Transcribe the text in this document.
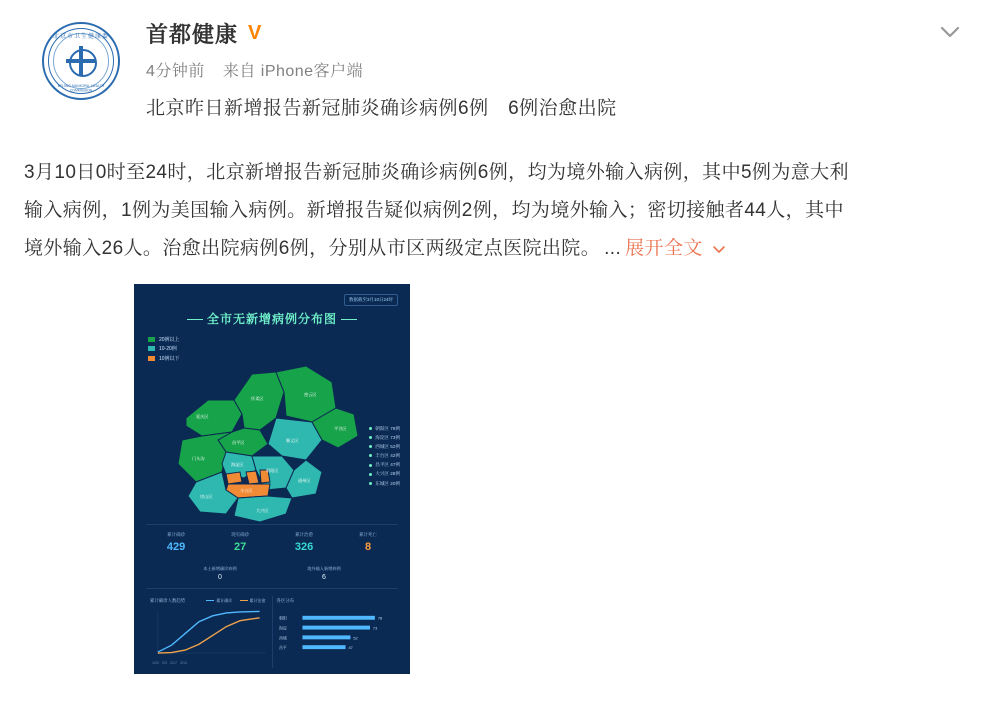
北京市卫生健康委
BEIJING MUNICIPAL HEALTH COMMISSION
首都健康 V
4分钟前 来自 iPhone客户端
北京昨日新增报告新冠肺炎确诊病例6例　6例治愈出院
3月10日0时至24时，北京新增报告新冠肺炎确诊病例6例，均为境外输入病例，其中5例为意大利输入病例，1例为美国输入病例。新增报告疑似病例2例，均为境外输入；密切接触者44人，其中境外输入26人。治愈出院病例6例，分别从市区两级定点医院出院。 ... 展开全文
数据截至3月10日24时
全市无新增病例分布图
20例以上
10-20例
10例以下
延庆区
怀柔区
密云区
昌平区	顺义区
平谷区
门头沟
海淀区
朝阳区
通州区
丰台区
房山区
大兴区
朝阳区 78例
海淀区 73例
西城区 52例
丰台区 42例
昌平区 47例
大兴区 28例
东城区 20例
累计确诊
429
现有确诊
27
累计治愈
326
累计死亡
8
本土新增确诊病例
0
境外输入新增病例
6
累计确诊人数趋势	累计确诊	累计治愈
1/20   2/3   2/17   3/10
各区分布
朝阳
海淀
西城
昌平
78
73
52
47
